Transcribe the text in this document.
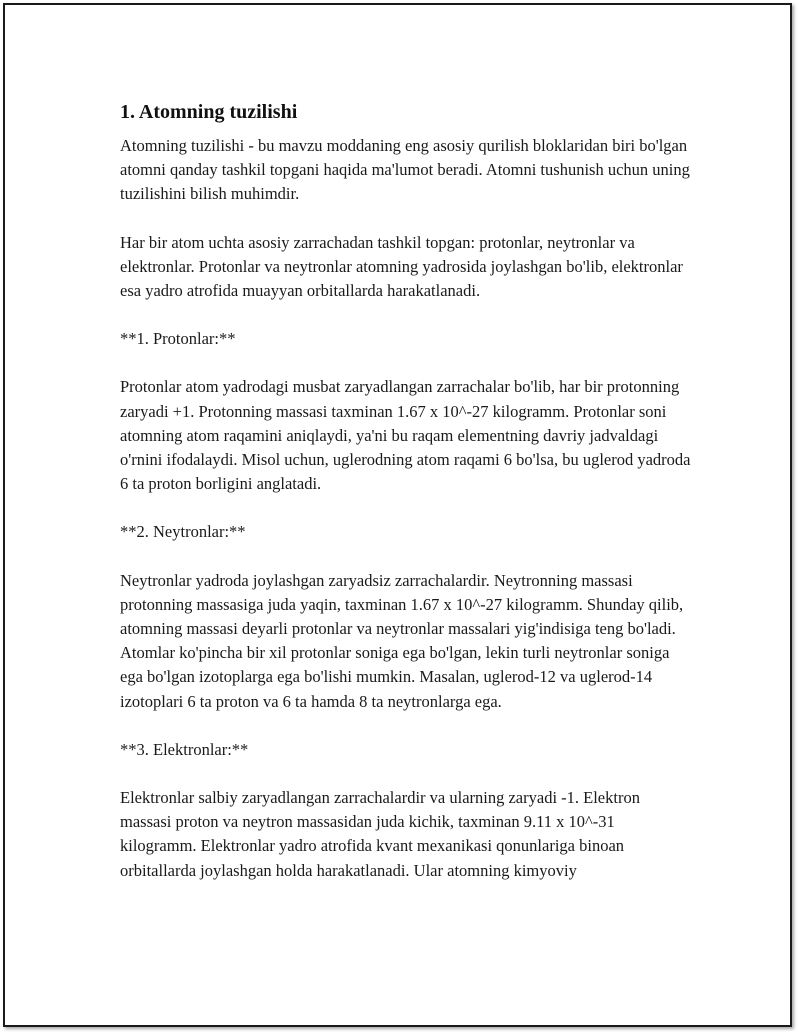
1. Atomning tuzilishi

Atomning tuzilishi - bu mavzu moddaning eng asosiy qurilish bloklaridan biri bo'lgan atomni qanday tashkil topgani haqida ma'lumot beradi. Atomni tushunish uchun uning tuzilishini bilish muhimdir.

Har bir atom uchta asosiy zarrachadan tashkil topgan: protonlar, neytronlar va elektronlar. Protonlar va neytronlar atomning yadrosida joylashgan bo'lib, elektronlar esa yadro atrofida muayyan orbitallarda harakatlanadi.

**1. Protonlar:**

Protonlar atom yadrodagi musbat zaryadlangan zarrachalar bo'lib, har bir protonning zaryadi +1. Protonning massasi taxminan 1.67 x 10^-27 kilogramm. Protonlar soni atomning atom raqamini aniqlaydi, ya'ni bu raqam elementning davriy jadvaldagi o'rnini ifodalaydi. Misol uchun, uglerodning atom raqami 6 bo'lsa, bu uglerod yadroda 6 ta proton borligini anglatadi.

**2. Neytronlar:**

Neytronlar yadroda joylashgan zaryadsiz zarrachalardir. Neytronning massasi protonning massasiga juda yaqin, taxminan 1.67 x 10^-27 kilogramm. Shunday qilib, atomning massasi deyarli protonlar va neytronlar massalari yig'indisiga teng bo'ladi. Atomlar ko'pincha bir xil protonlar soniga ega bo'lgan, lekin turli neytronlar soniga ega bo'lgan izotoplarga ega bo'lishi mumkin. Masalan, uglerod-12 va uglerod-14 izotoplari 6 ta proton va 6 ta hamda 8 ta neytronlarga ega.

**3. Elektronlar:**

Elektronlar salbiy zaryadlangan zarrachalardir va ularning zaryadi -1. Elektron massasi proton va neytron massasidan juda kichik, taxminan 9.11 x 10^-31 kilogramm. Elektronlar yadro atrofida kvant mexanikasi qonunlariga binoan orbitallarda joylashgan holda harakatlanadi. Ular atomning kimyoviy
